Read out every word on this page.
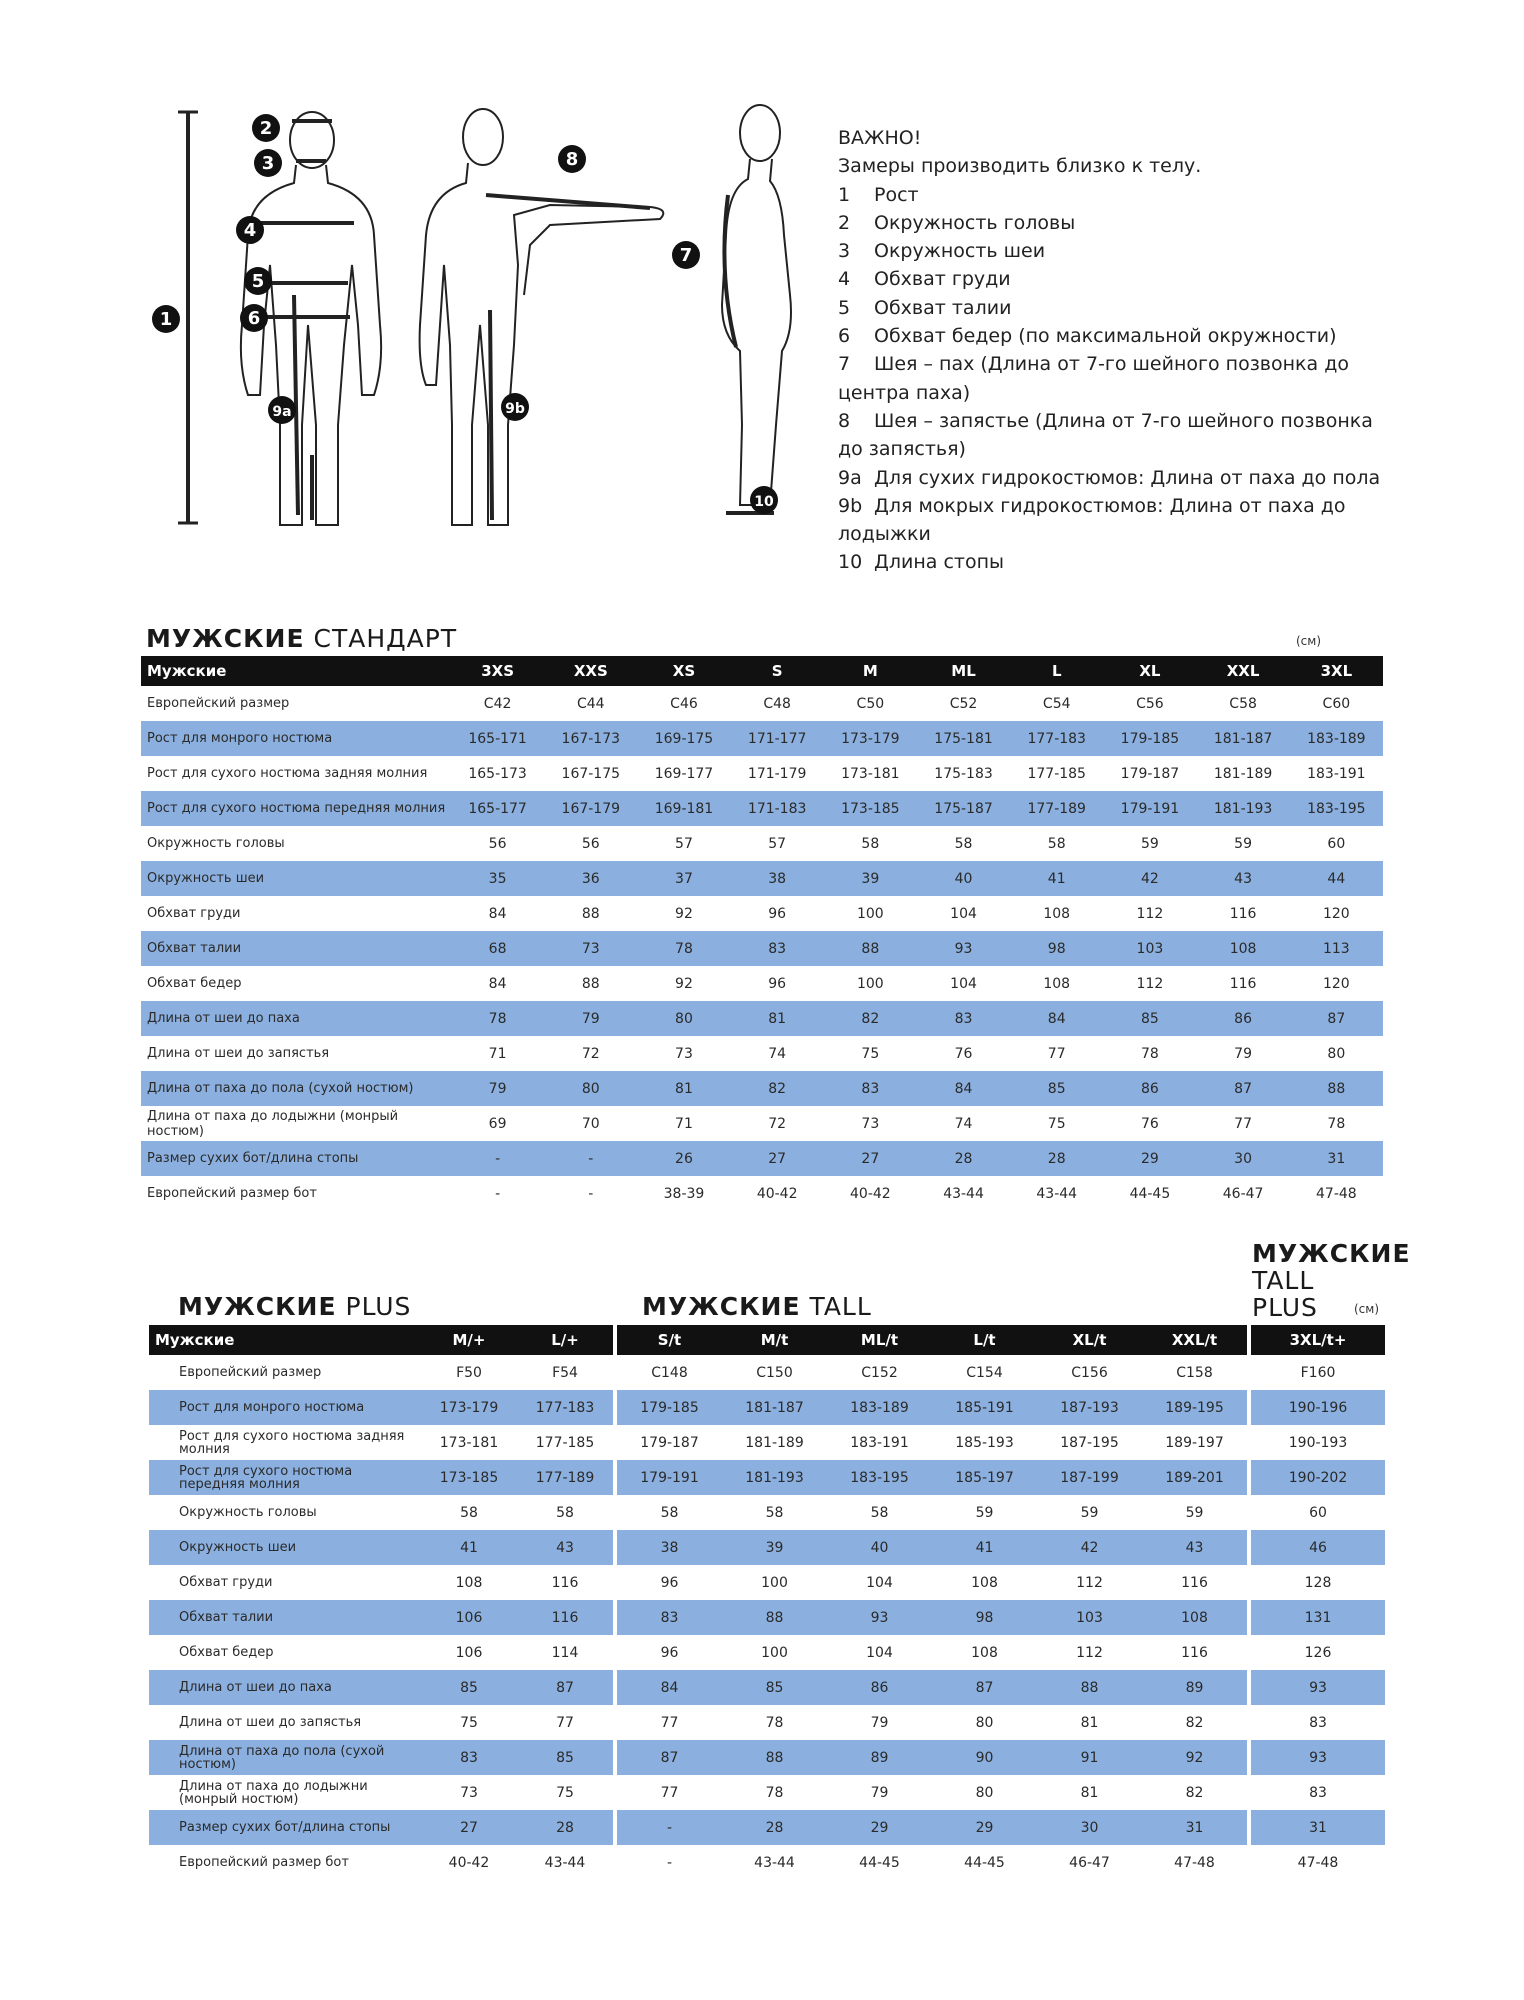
1
2
3
4
5
6
7
8
9a	9b
10
ВАЖНО!
Замеры производить близко к телу.
1 Рост
2 Окружность головы
3 Окружность шеи
4 Обхват груди
5 Обхват талии
6 Обхват бедер (по максимальной окружности)
7 Шея – пах (Длина от 7-го шейного позвонка до центра паха)
8 Шея – запястье (Длина от 7-го шейного позвонка до запястья)
9a Для сухих гидрокостюмов: Длина от паха до пола
9b Для мокрых гидрокостюмов: Длина от паха до лодыжки
10 Длина стопы
МУЖСКИЕ СТАНДАРТ	(см)
Мужские	3XS	XXS	XS	S	M	ML	L	XL	XXL	3XL
Европейский размер	C42	C44	C46	C48	C50	C52	C54	C56	C58	C60
Рост для монрого ностюма	165-171	167-173	169-175	171-177	173-179	175-181	177-183	179-185	181-187	183-189
Рост для сухого ностюма задняя молния	165-173	167-175	169-177	171-179	173-181	175-183	177-185	179-187	181-189	183-191
Рост для сухого ностюма передняя молния	165-177	167-179	169-181	171-183	173-185	175-187	177-189	179-191	181-193	183-195
Окружность головы	56	56	57	57	58	58	58	59	59	60
Окружность шеи	35	36	37	38	39	40	41	42	43	44
Обхват груди	84	88	92	96	100	104	108	112	116	120
Обхват талии	68	73	78	83	88	93	98	103	108	113
Обхват бедер	84	88	92	96	100	104	108	112	116	120
Длина от шеи до паха	78	79	80	81	82	83	84	85	86	87
Длина от шеи до запястья	71	72	73	74	75	76	77	78	79	80
Длина от паха до пола (сухой ностюм)	79	80	81	82	83	84	85	86	87	88
Длина от паха до лодыжни (монрый ностюм)	69	70	71	72	73	74	75	76	77	78
Размер сухих бот/длина стопы	-	-	26	27	27	28	28	29	30	31
Европейский размер бот	-	-	38-39	40-42	40-42	43-44	43-44	44-45	46-47	47-48
МУЖСКИЕ PLUS	МУЖСКИЕ TALL
МУЖСКИЕ
TALL
PLUS	(см)
Мужские	M/+	L/+		S/t	M/t	ML/t	L/t	XL/t	XXL/t		3XL/t+
Европейский размер	F50	F54		C148	C150	C152	C154	C156	C158		F160
Рост для монрого ностюма	173-179	177-183		179-185	181-187	183-189	185-191	187-193	189-195		190-196
Рост для сухого ностюма задняя молния	173-181	177-185		179-187	181-189	183-191	185-193	187-195	189-197		190-193
Рост для сухого ностюма передняя молния	173-185	177-189		179-191	181-193	183-195	185-197	187-199	189-201		190-202
Окружность головы	58	58		58	58	58	59	59	59		60
Окружность шеи	41	43		38	39	40	41	42	43		46
Обхват груди	108	116		96	100	104	108	112	116		128
Обхват талии	106	116		83	88	93	98	103	108		131
Обхват бедер	106	114		96	100	104	108	112	116		126
Длина от шеи до паха	85	87		84	85	86	87	88	89		93
Длина от шеи до запястья	75	77		77	78	79	80	81	82		83
Длина от паха до пола (сухой ностюм)	83	85		87	88	89	90	91	92		93
Длина от паха до лодыжни (монрый ностюм)	73	75		77	78	79	80	81	82		83
Размер сухих бот/длина стопы	27	28		-	28	29	29	30	31		31
Европейский размер бот	40-42	43-44		-	43-44	44-45	44-45	46-47	47-48		47-48
